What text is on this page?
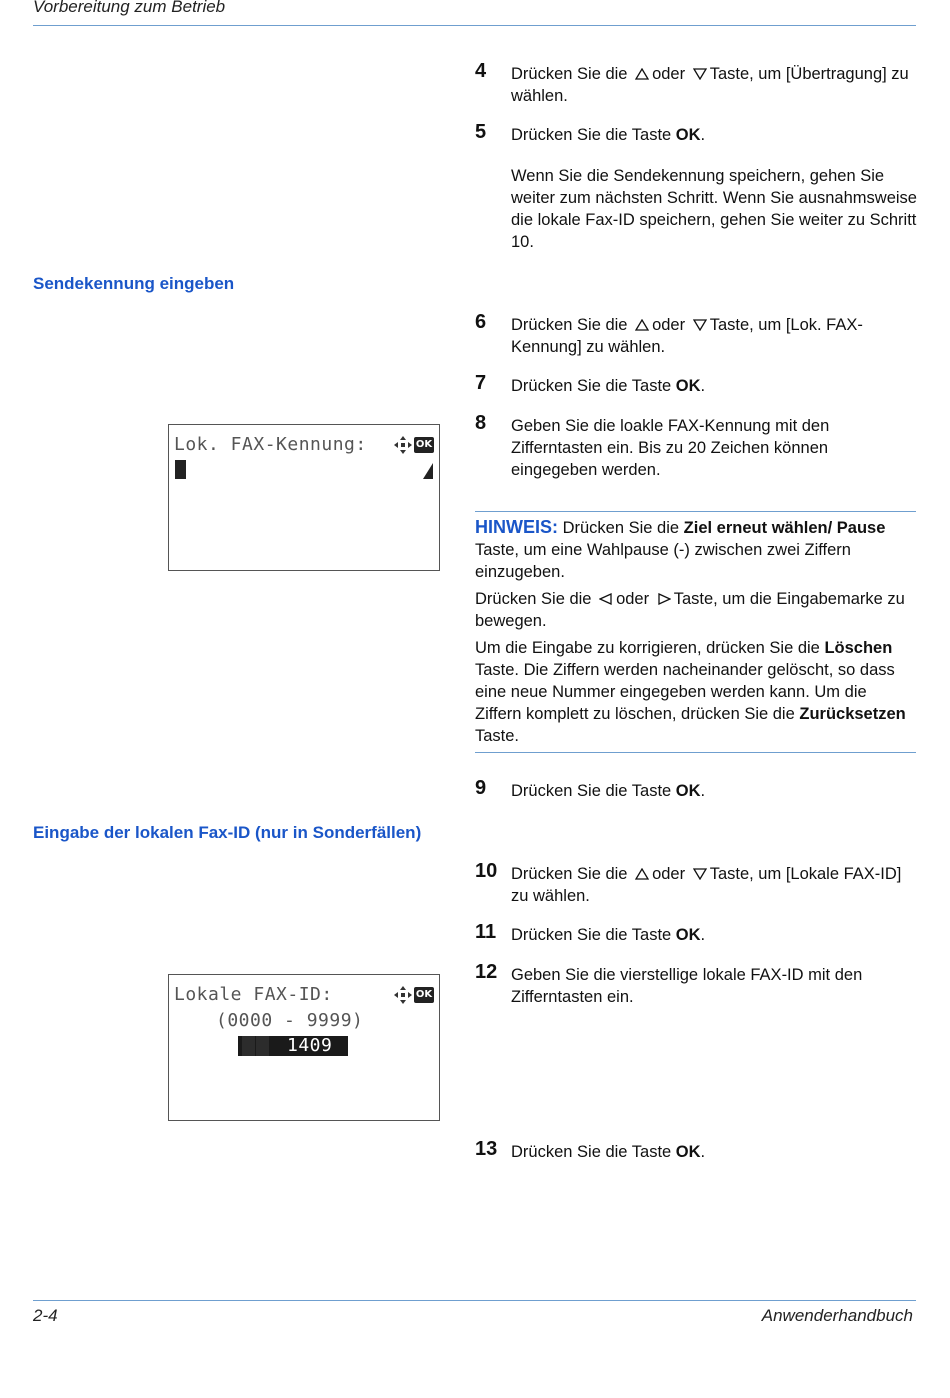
Vorbereitung zum Betrieb
4 Drücken Sie die oder Taste, um [Übertragung] zu wählen.
5 Drücken Sie die Taste OK.
Wenn Sie die Sendekennung speichern, gehen Sie weiter zum nächsten Schritt. Wenn Sie ausnahmsweise die lokale Fax-ID speichern, gehen Sie weiter zu Schritt 10.
Sendekennung eingeben
6 Drücken Sie die oder Taste, um [Lok. FAX-Kennung] zu wählen.
7 Drücken Sie die Taste OK.
8 Geben Sie die loakle FAX-Kennung mit den Zifferntasten ein. Bis zu 20 Zeichen können eingegeben werden.
Lok. FAX-Kennung:	OK

HINWEIS: Drücken Sie die Ziel erneut wählen/ Pause Taste, um eine Wahlpause (-) zwischen zwei Ziffern einzugeben.

Drücken Sie die oder Taste, um die Eingabemarke zu bewegen.

Um die Eingabe zu korrigieren, drücken Sie die Löschen Taste. Die Ziffern werden nacheinander gelöscht, so dass eine neue Nummer eingegeben werden kann. Um die Ziffern komplett zu löschen, drücken Sie die Zurücksetzen Taste.

9 Drücken Sie die Taste OK.
Eingabe der lokalen Fax-ID (nur in Sonderfällen)
10 Drücken Sie die oder Taste, um [Lokale FAX-ID] zu wählen.
11 Drücken Sie die Taste OK.
12 Geben Sie die vierstellige lokale FAX-ID mit den Zifferntasten ein.
Lokale FAX-ID:	OK
(0000 - 9999)
1409
13 Drücken Sie die Taste OK.
2-4	Anwenderhandbuch
